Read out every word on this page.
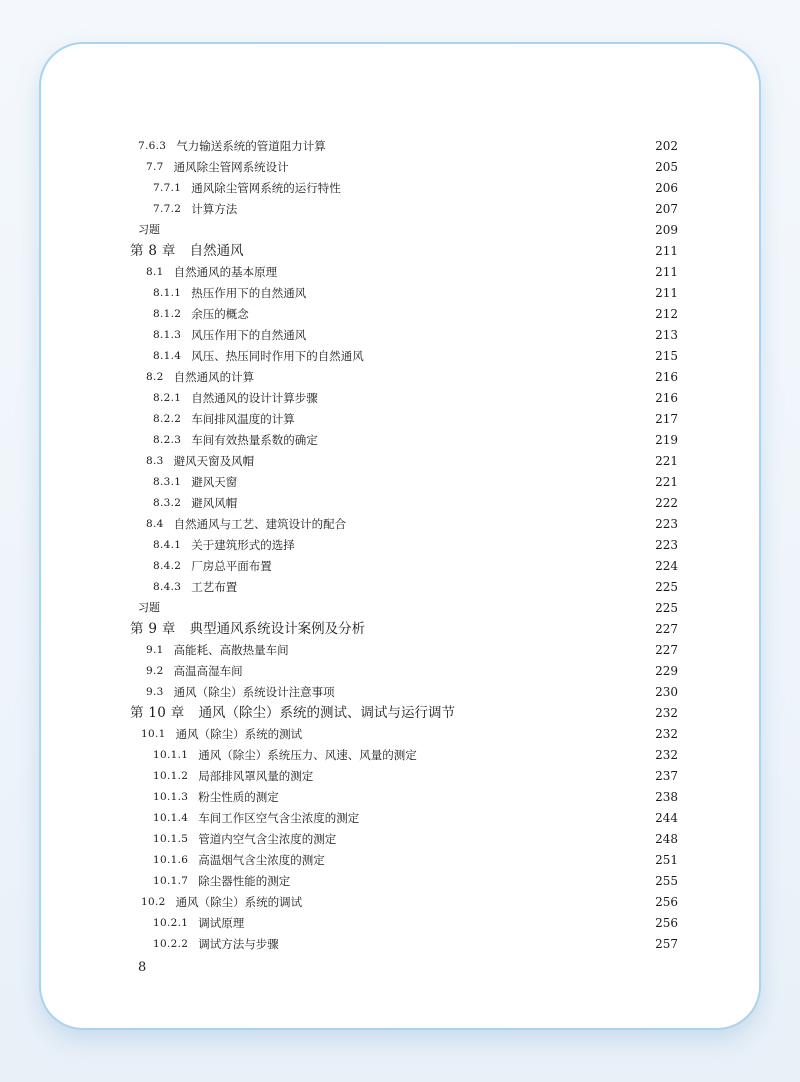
7.6.3 气力输送系统的管道阻力计算	202
7.7 通风除尘管网系统设计	205
7.7.1 通风除尘管网系统的运行特性	206
7.7.2 计算方法	207
习题	209
第 8 章	自然通风	211
8.1 自然通风的基本原理	211
8.1.1 热压作用下的自然通风	211
8.1.2 余压的概念	212
8.1.3 风压作用下的自然通风	213
8.1.4 风压、热压同时作用下的自然通风	215
8.2 自然通风的计算	216
8.2.1 自然通风的设计计算步骤	216
8.2.2 车间排风温度的计算	217
8.2.3 车间有效热量系数的确定	219
8.3 避风天窗及风帽	221
8.3.1 避风天窗	221
8.3.2 避风风帽	222
8.4 自然通风与工艺、建筑设计的配合	223
8.4.1 关于建筑形式的选择	223
8.4.2 厂房总平面布置	224
8.4.3 工艺布置	225
习题	225
第 9 章	典型通风系统设计案例及分析	227
9.1 高能耗、高散热量车间	227
9.2 高温高湿车间	229
9.3 通风（除尘）系统设计注意事项	230
第 10 章	通风（除尘）系统的测试、调试与运行调节	232
10.1 通风（除尘）系统的测试	232
10.1.1 通风（除尘）系统压力、风速、风量的测定	232
10.1.2 局部排风罩风量的测定	237
10.1.3 粉尘性质的测定	238
10.1.4 车间工作区空气含尘浓度的测定	244
10.1.5 管道内空气含尘浓度的测定	248
10.1.6 高温烟气含尘浓度的测定	251
10.1.7 除尘器性能的测定	255
10.2 通风（除尘）系统的调试	256
10.2.1 调试原理	256
10.2.2 调试方法与步骤	257
8
